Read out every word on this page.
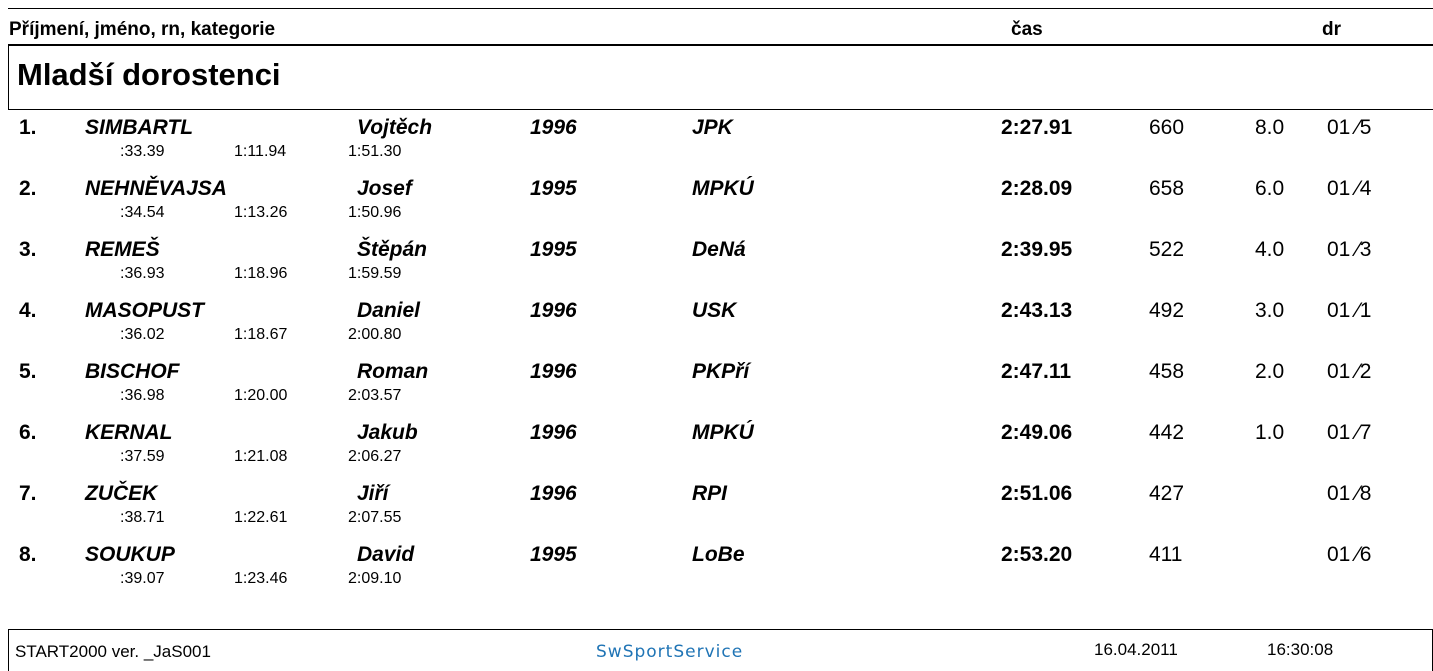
Příjmení, jméno, rn, kategorie	čas	dr
Mladší dorostenci
1. SIMBARTL	Vojtěch	1996	JPK	2:27.91	660	8.0 01 ⁄5
:33.39	1:11.94	1:51.30
2. NEHNĚVAJSA	Josef	1995	MPKÚ	2:28.09	658	6.0 01 ⁄4
:34.54	1:13.26	1:50.96
3. REMEŠ	Štěpán	1995	DeNá	2:39.95	522	4.0 01 ⁄3
:36.93	1:18.96	1:59.59
4. MASOPUST	Daniel	1996	USK	2:43.13	492	3.0 01 ⁄1
:36.02	1:18.67	2:00.80
5. BISCHOF	Roman	1996	PKPří	2:47.11	458	2.0 01 ⁄2
:36.98	1:20.00	2:03.57
6. KERNAL	Jakub	1996	MPKÚ	2:49.06	442	1.0 01 ⁄7
:37.59	1:21.08	2:06.27
7. ZUČEK	Jiří	1996	RPI	2:51.06	427	01 ⁄8
:38.71	1:22.61	2:07.55
8. SOUKUP	David	1995	LoBe	2:53.20	411	01 ⁄6
:39.07	1:23.46	2:09.10
START2000 ver. _JaS001	SwSportService	16.04.2011	16:30:08
